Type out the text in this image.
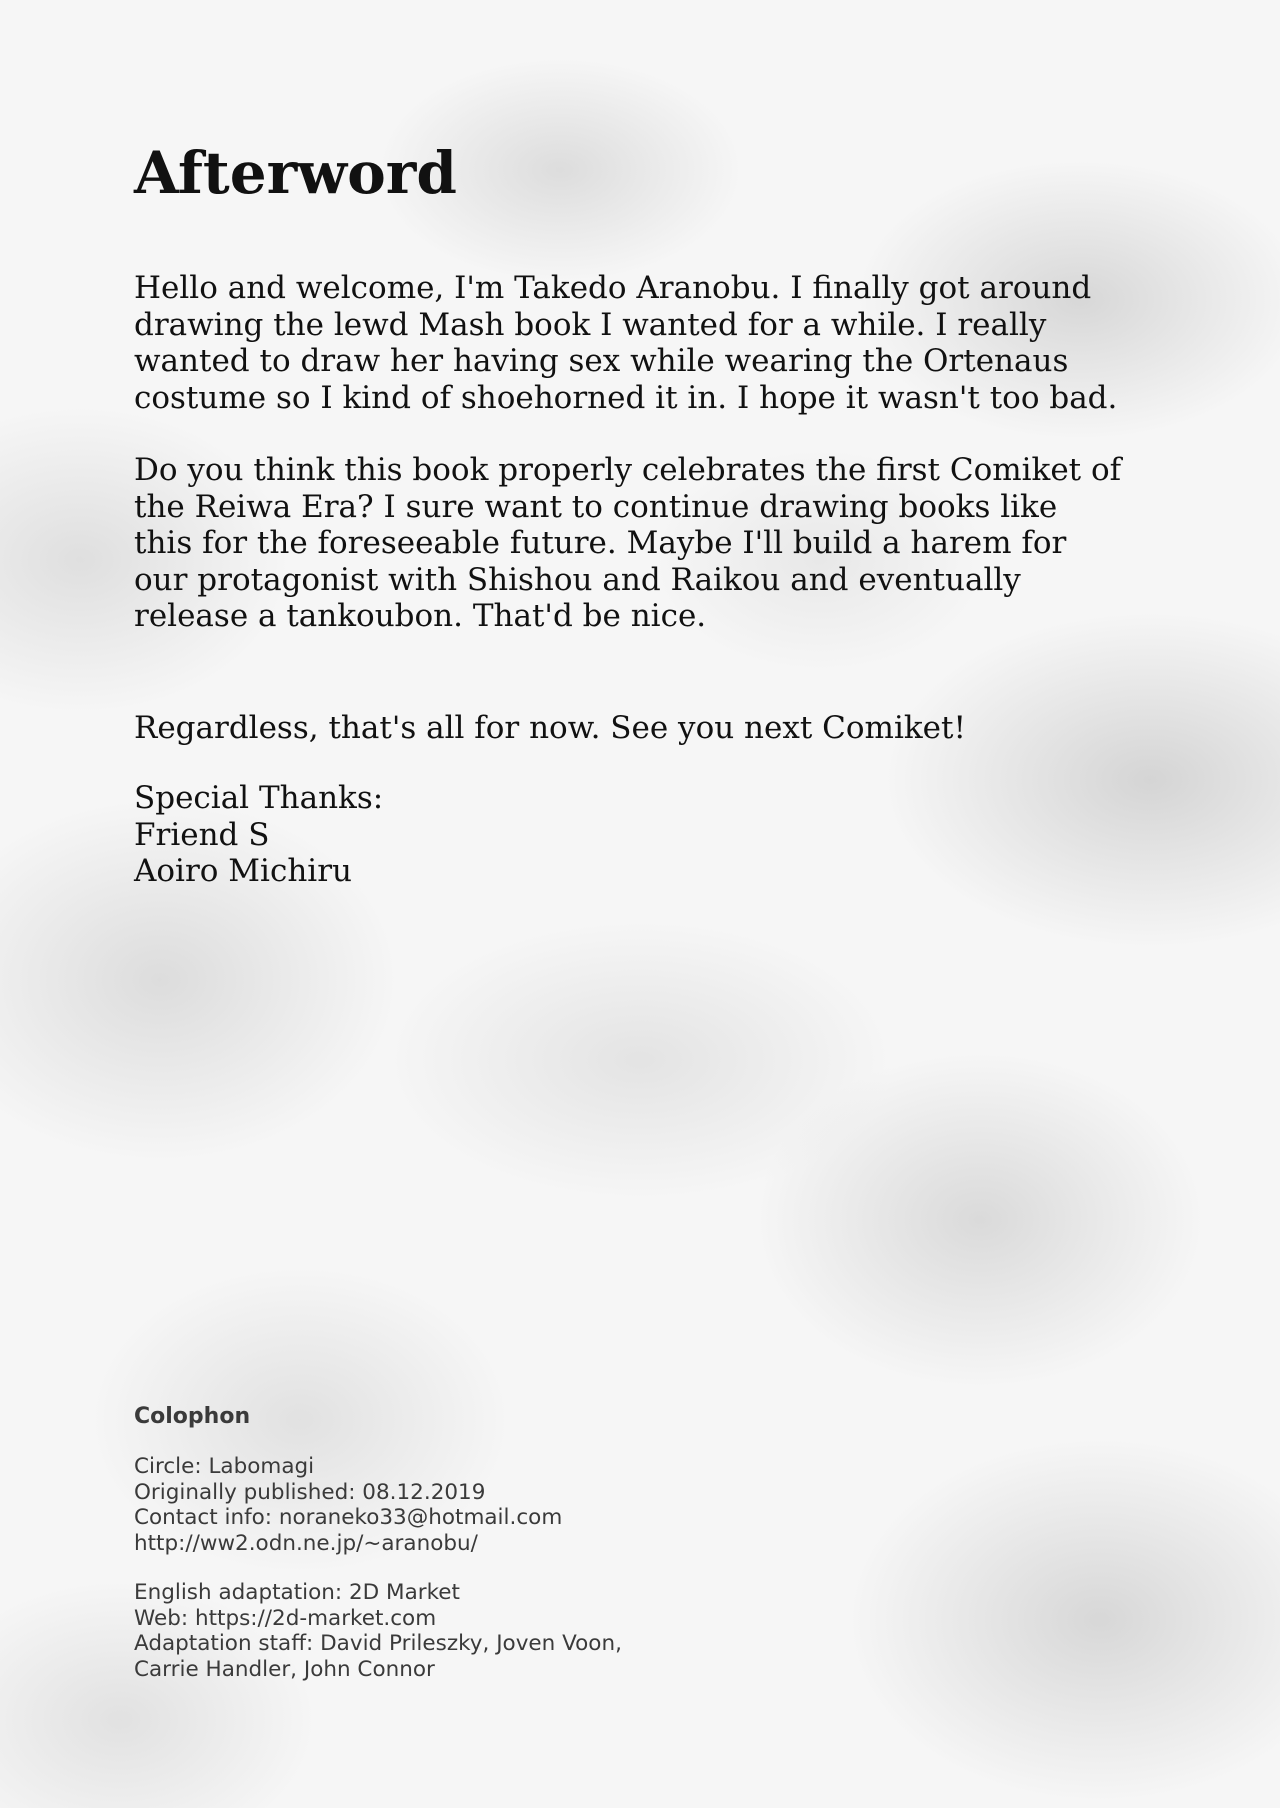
Afterword

Hello and welcome, I'm Takedo Aranobu. I finally got around
drawing the lewd Mash book I wanted for a while. I really
wanted to draw her having sex while wearing the Ortenaus
costume so I kind of shoehorned it in. I hope it wasn't too bad.

Do you think this book properly celebrates the first Comiket of
the Reiwa Era? I sure want to continue drawing books like
this for the foreseeable future. Maybe I'll build a harem for
our protagonist with Shishou and Raikou and eventually
release a tankoubon. That'd be nice.

Regardless, that's all for now. See you next Comiket!

Special Thanks:
Friend S
Aoiro Michiru

Colophon
Circle: Labomagi
Originally published: 08.12.2019
Contact info: noraneko33@hotmail.com
http://ww2.odn.ne.jp/~aranobu/
English adaptation: 2D Market
Web: https://2d-market.com
Adaptation staff: David Prileszky, Joven Voon,
Carrie Handler, John Connor
